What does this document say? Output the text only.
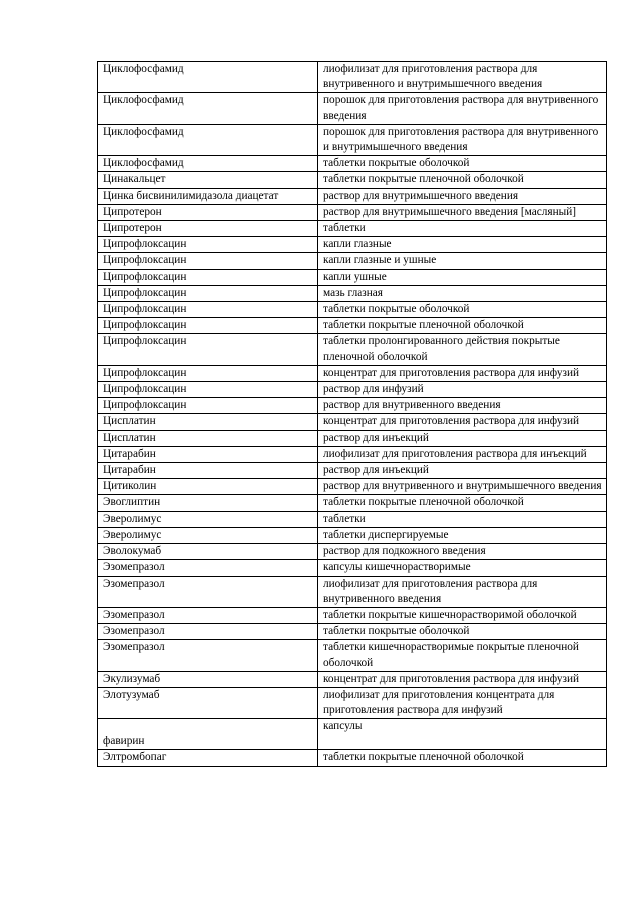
Циклофосфамид	лиофилизат для приготовления раствора для внутривенного и внутримышечного введения
Циклофосфамид	порошок для приготовления раствора для внутривенного введения
Циклофосфамид	порошок для приготовления раствора для внутривенного и внутримышечного введения
Циклофосфамид	таблетки покрытые оболочкой
Цинакальцет	таблетки покрытые пленочной оболочкой
Цинка бисвинилимидазола диацетат	раствор для внутримышечного введения
Ципротерон	раствор для внутримышечного введения [масляный]
Ципротерон	таблетки
Ципрофлоксацин	капли глазные
Ципрофлоксацин	капли глазные и ушные
Ципрофлоксацин	капли ушные
Ципрофлоксацин	мазь глазная
Ципрофлоксацин	таблетки покрытые оболочкой
Ципрофлоксацин	таблетки покрытые пленочной оболочкой
Ципрофлоксацин	таблетки пролонгированного действия покрытые пленочной оболочкой
Ципрофлоксацин	концентрат для приготовления раствора для инфузий
Ципрофлоксацин	раствор для инфузий
Ципрофлоксацин	раствор для внутривенного введения
Цисплатин	концентрат для приготовления раствора для инфузий
Цисплатин	раствор для инъекций
Цитарабин	лиофилизат для приготовления раствора для инъекций
Цитарабин	раствор для инъекций
Цитиколин	раствор для внутривенного и внутримышечного введения
Эвоглиптин	таблетки покрытые пленочной оболочкой
Эверолимус	таблетки
Эверолимус	таблетки диспергируемые
Эволокумаб	раствор для подкожного введения
Эзомепразол	капсулы кишечнорастворимые
Эзомепразол	лиофилизат для приготовления раствора для внутривенного введения
Эзомепразол	таблетки покрытые кишечнорастворимой оболочкой
Эзомепразол	таблетки покрытые оболочкой
Эзомепразол	таблетки кишечнорастворимые покрытые пленочной оболочкой
Экулизумаб	концентрат для приготовления раствора для инфузий
Элотузумаб	лиофилизат для приготовления концентрата для приготовления раствора для инфузий
фавирин	капсулы
Элтромбопаг	таблетки покрытые пленочной оболочкой
